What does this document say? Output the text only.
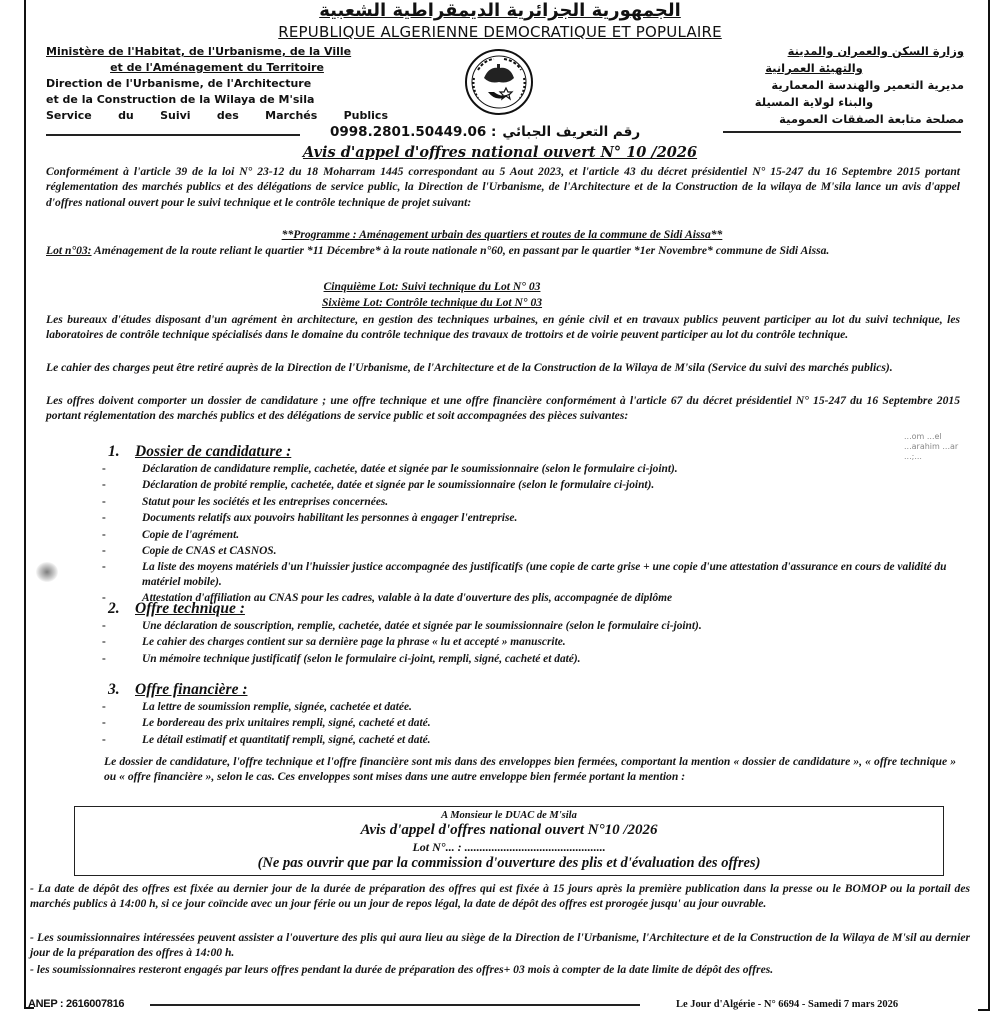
الجمهورية الجزائرية الديمقراطية الشعبية
REPUBLIQUE ALGERIENNE DEMOCRATIQUE ET POPULAIRE
Ministère de l'Habitat, de l'Urbanisme, de la Ville
et de l'Aménagement du Territoire
Direction de l'Urbanisme, de l'Architecture
et de la Construction de la Wilaya de M'sila
Service du Suivi des Marchés Publics
وزارة السكن والعمران والمدينة
والتهيئة العمرانية
مديرية التعمير والهندسة المعمارية
والبناء لولاية المسيلة
مصلحة متابعة الصفقات العمومية
0998.2801.50449.06 : رقم التعريف الجبائي
Avis d'appel d'offres national ouvert N° 10 /2026
Conformément à l'article 39 de la loi N° 23-12 du 18 Moharram 1445 correspondant au 5 Aout 2023, et l'article 43 du décret présidentiel N° 15-247 du 16 Septembre 2015 portant réglementation des marchés publics et des délégations de service public, la Direction de l'Urbanisme, de l'Architecture et de la Construction de la wilaya de M'sila lance un avis d'appel d'offres national ouvert pour le suivi technique et le contrôle technique de projet suivant:
**Programme : Aménagement urbain des quartiers et routes de la commune de Sidi Aissa**
Lot n°03: Aménagement de la route reliant le quartier *11 Décembre* à la route nationale n°60, en passant par le quartier *1er Novembre* commune de Sidi Aissa.
Cinquième Lot: Suivi technique du Lot N° 03
Sixième Lot: Contrôle technique du Lot N° 03
Les bureaux d'études disposant d'un agrément èn architecture, en gestion des techniques urbaines, en génie civil et en travaux publics peuvent participer au lot du suivi technique, les laboratoires de contrôle technique spécialisés dans le domaine du contrôle technique des travaux de trottoirs et de voirie peuvent participer au lot du contrôle technique.
Le cahier des charges peut être retiré auprès de la Direction de l'Urbanisme, de l'Architecture et de la Construction de la Wilaya de M'sila (Service du suivi des marchés publics).
Les offres doivent comporter un dossier de candidature ; une offre technique et une offre financière conformément à l'article 67 du décret présidentiel N° 15-247 du 16 Septembre 2015 portant réglementation des marchés publics et des délégations de service public et soit accompagnées des pièces suivantes:
...om ...el
...arahim ...ar
...;...
1. Dossier de candidature :
-	Déclaration de candidature remplie, cachetée, datée et signée par le soumissionnaire (selon le formulaire ci-joint).
-	Déclaration de probité remplie, cachetée, datée et signée par le soumissionnaire (selon le formulaire ci-joint).
-	Statut pour les sociétés et les entreprises concernées.
-	Documents relatifs aux pouvoirs habilitant les personnes à engager l'entreprise.
-	Copie de l'agrément.
-	Copie de CNAS et CASNOS.
-	La liste des moyens matériels d'un l'huissier justice accompagnée des justificatifs (une copie de carte grise + une copie d'une attestation d'assurance en cours de validité du matériel mobile).
-	Attestation d'affiliation au CNAS pour les cadres, valable à la date d'ouverture des plis, accompagnée de diplôme
2. Offre technique :
-	Une déclaration de souscription, remplie, cachetée, datée et signée par le soumissionnaire (selon le formulaire ci-joint).
-	Le cahier des charges contient sur sa dernière page la phrase « lu et accepté » manuscrite.
-	Un mémoire technique justificatif (selon le formulaire ci-joint, rempli, signé, cacheté et daté).
3. Offre financière :
-	La lettre de soumission remplie, signée, cachetée et datée.
-	Le bordereau des prix unitaires rempli, signé, cacheté et daté.
-	Le détail estimatif et quantitatif rempli, signé, cacheté et daté.
Le dossier de candidature, l'offre technique et l'offre financière sont mis dans des enveloppes bien fermées, comportant la mention « dossier de candidature », « offre technique » ou « offre financière », selon le cas. Ces enveloppes sont mises dans une autre enveloppe bien fermée portant la mention :
A Monsieur le DUAC de M'sila
Avis d'appel d'offres national ouvert N°10 /2026
Lot N°... : ...............................................
(Ne pas ouvrir que par la commission d'ouverture des plis et d'évaluation des offres)
- La date de dépôt des offres est fixée au dernier jour de la durée de préparation des offres qui est fixée à 15 jours après la première publication dans la presse ou le BOMOP ou la portail des marchés publics à 14:00 h, si ce jour coïncide avec un jour férie ou un jour de repos légal, la date de dépôt des offres est prorogée jusqu' au jour ouvrable.
- Les soumissionnaires intéressées peuvent assister a l'ouverture des plis qui aura lieu au siège de la Direction de l'Urbanisme, l'Architecture et de la Construction de la Wilaya de M'sil au dernier jour de la préparation des offres à 14:00 h.
- les soumissionnaires resteront engagés par leurs offres pendant la durée de préparation des offres+ 03 mois à compter de la date limite de dépôt des offres.
ANEP : 2616007816	Le Jour d'Algérie - N° 6694 - Samedi 7 mars 2026
